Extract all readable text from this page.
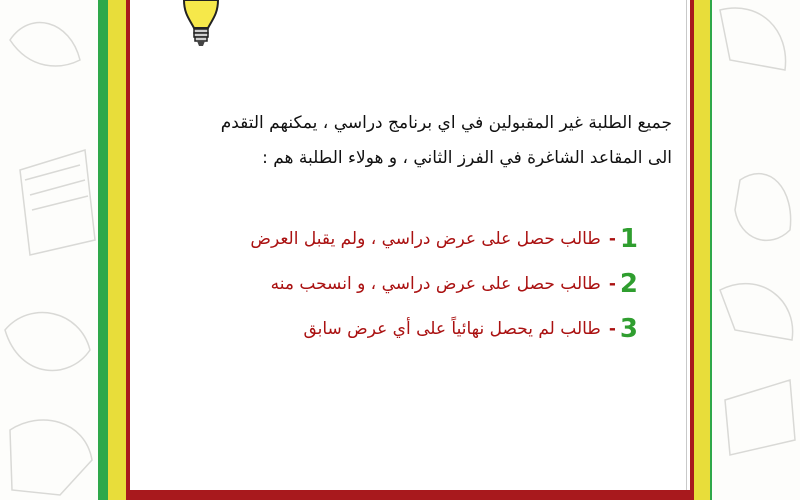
جميع الطلبة غير المقبولين في اي برنامج دراسي ، يمكنهم التقدم
الى المقاعد الشاغرة في الفرز الثاني ، و هولاء الطلبة هم :
1
-
طالب حصل على عرض دراسي ، ولم يقبل العرض
2
-
طالب حصل على عرض دراسي ، و انسحب منه
3
-
طالب لم يحصل نهائياً على أي عرض سابق
